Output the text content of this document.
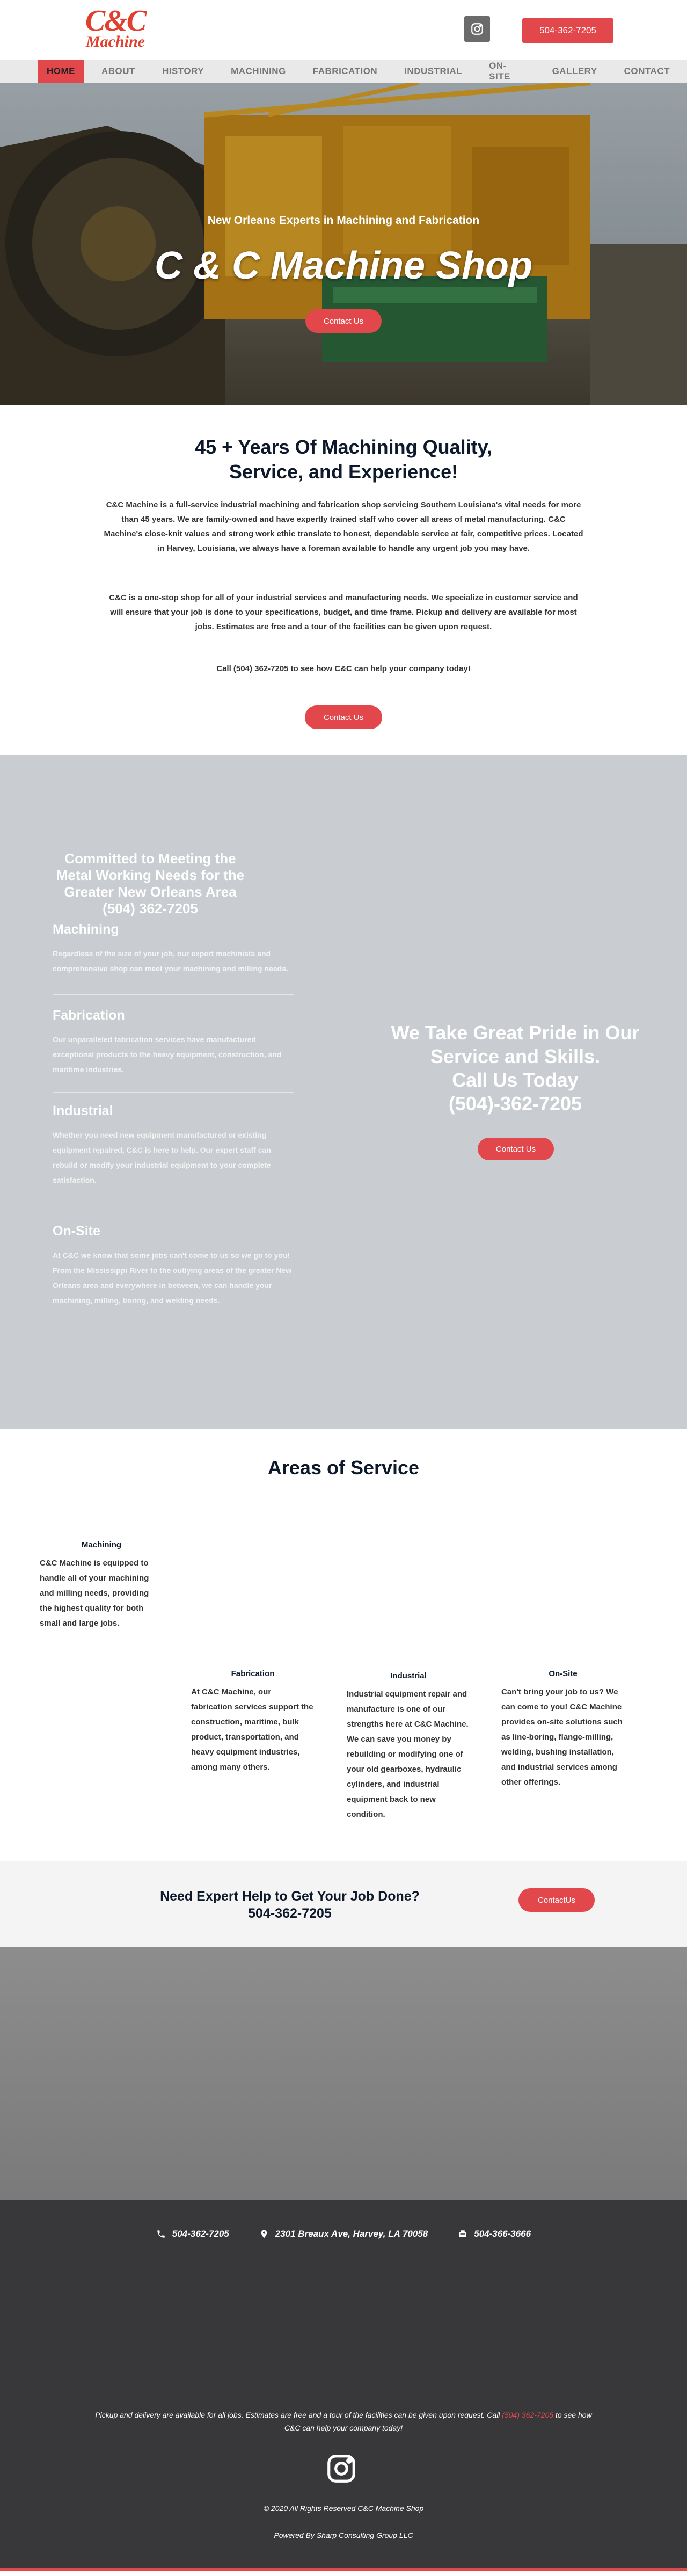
C&C
Machine
504-362-7205
HOME	ABOUT	HISTORY	MACHINING	FABRICATION	INDUSTRIAL
ON-SITE
GALLERY	CONTACT
New Orleans Experts in Machining and Fabrication
C & C Machine Shop
Contact Us
45 + Years Of Machining Quality, Service, and Experience!

C&C Machine is a full-service industrial machining and fabrication shop servicing Southern Louisiana's vital needs for more than 45 years. We are family-owned and have expertly trained staff who cover all areas of metal manufacturing. C&C Machine's close-knit values and strong work ethic translate to honest, dependable service at fair, competitive prices. Located in Harvey, Louisiana, we always have a foreman available to handle any urgent job you may have.

C&C is a one-stop shop for all of your industrial services and manufacturing needs. We specialize in customer service and will ensure that your job is done to your specifications, budget, and time frame. Pickup and delivery are available for most jobs. Estimates are free and a tour of the facilities can be given upon request.

Call (504) 362-7205 to see how C&C can help your company today!

Contact Us
Committed to Meeting the Metal Working Needs for the Greater New Orleans Area (504) 362-7205
Machining

Regardless of the size of your job, our expert machinists and comprehensive shop can meet your machining and milling needs.

Fabrication

Our unparalleled fabrication services have manufactured exceptional products to the heavy equipment, construction, and maritime industries.

Industrial

Whether you need new equipment manufactured or existing equipment repaired, C&C is here to help. Our expert staff can rebuild or modify your industrial equipment to your complete satisfaction.

On-Site

At C&C we know that some jobs can't come to us so we go to you! From the Mississippi River to the outlying areas of the greater New Orleans area and everywhere in between, we can handle your machining, milling, boring, and welding needs.

We Take Great Pride in Our Service and Skills.
Call Us Today
(504)-362-7205
Contact Us
Areas of Service
Machining

C&C Machine is equipped to handle all of your machining and milling needs, providing the highest quality for both small and large jobs.

Fabrication

At C&C Machine, our fabrication services support the construction, maritime, bulk product, transportation, and heavy equipment industries, among many others.

Industrial

Industrial equipment repair and manufacture is one of our strengths here at C&C Machine. We can save you money by rebuilding or modifying one of your old gearboxes, hydraulic cylinders, and industrial equipment back to new condition.

On-Site

Can't bring your job to us? We can come to you! C&C Machine provides on-site solutions such as line-boring, flange-milling, welding, bushing installation, and industrial services among other offerings.

Need Expert Help to Get Your Job Done?
504-362-7205
ContactUs
504-362-7205	2301 Breaux Ave, Harvey, LA 70058	504-366-3666
Pickup and delivery are available for all jobs. Estimates are free and a tour of the facilities can be given upon request. Call (504) 362-7205 to see how C&C can help your company today!
© 2020 All Rights Reserved C&C Machine Shop
Powered By Sharp Consulting Group LLC
